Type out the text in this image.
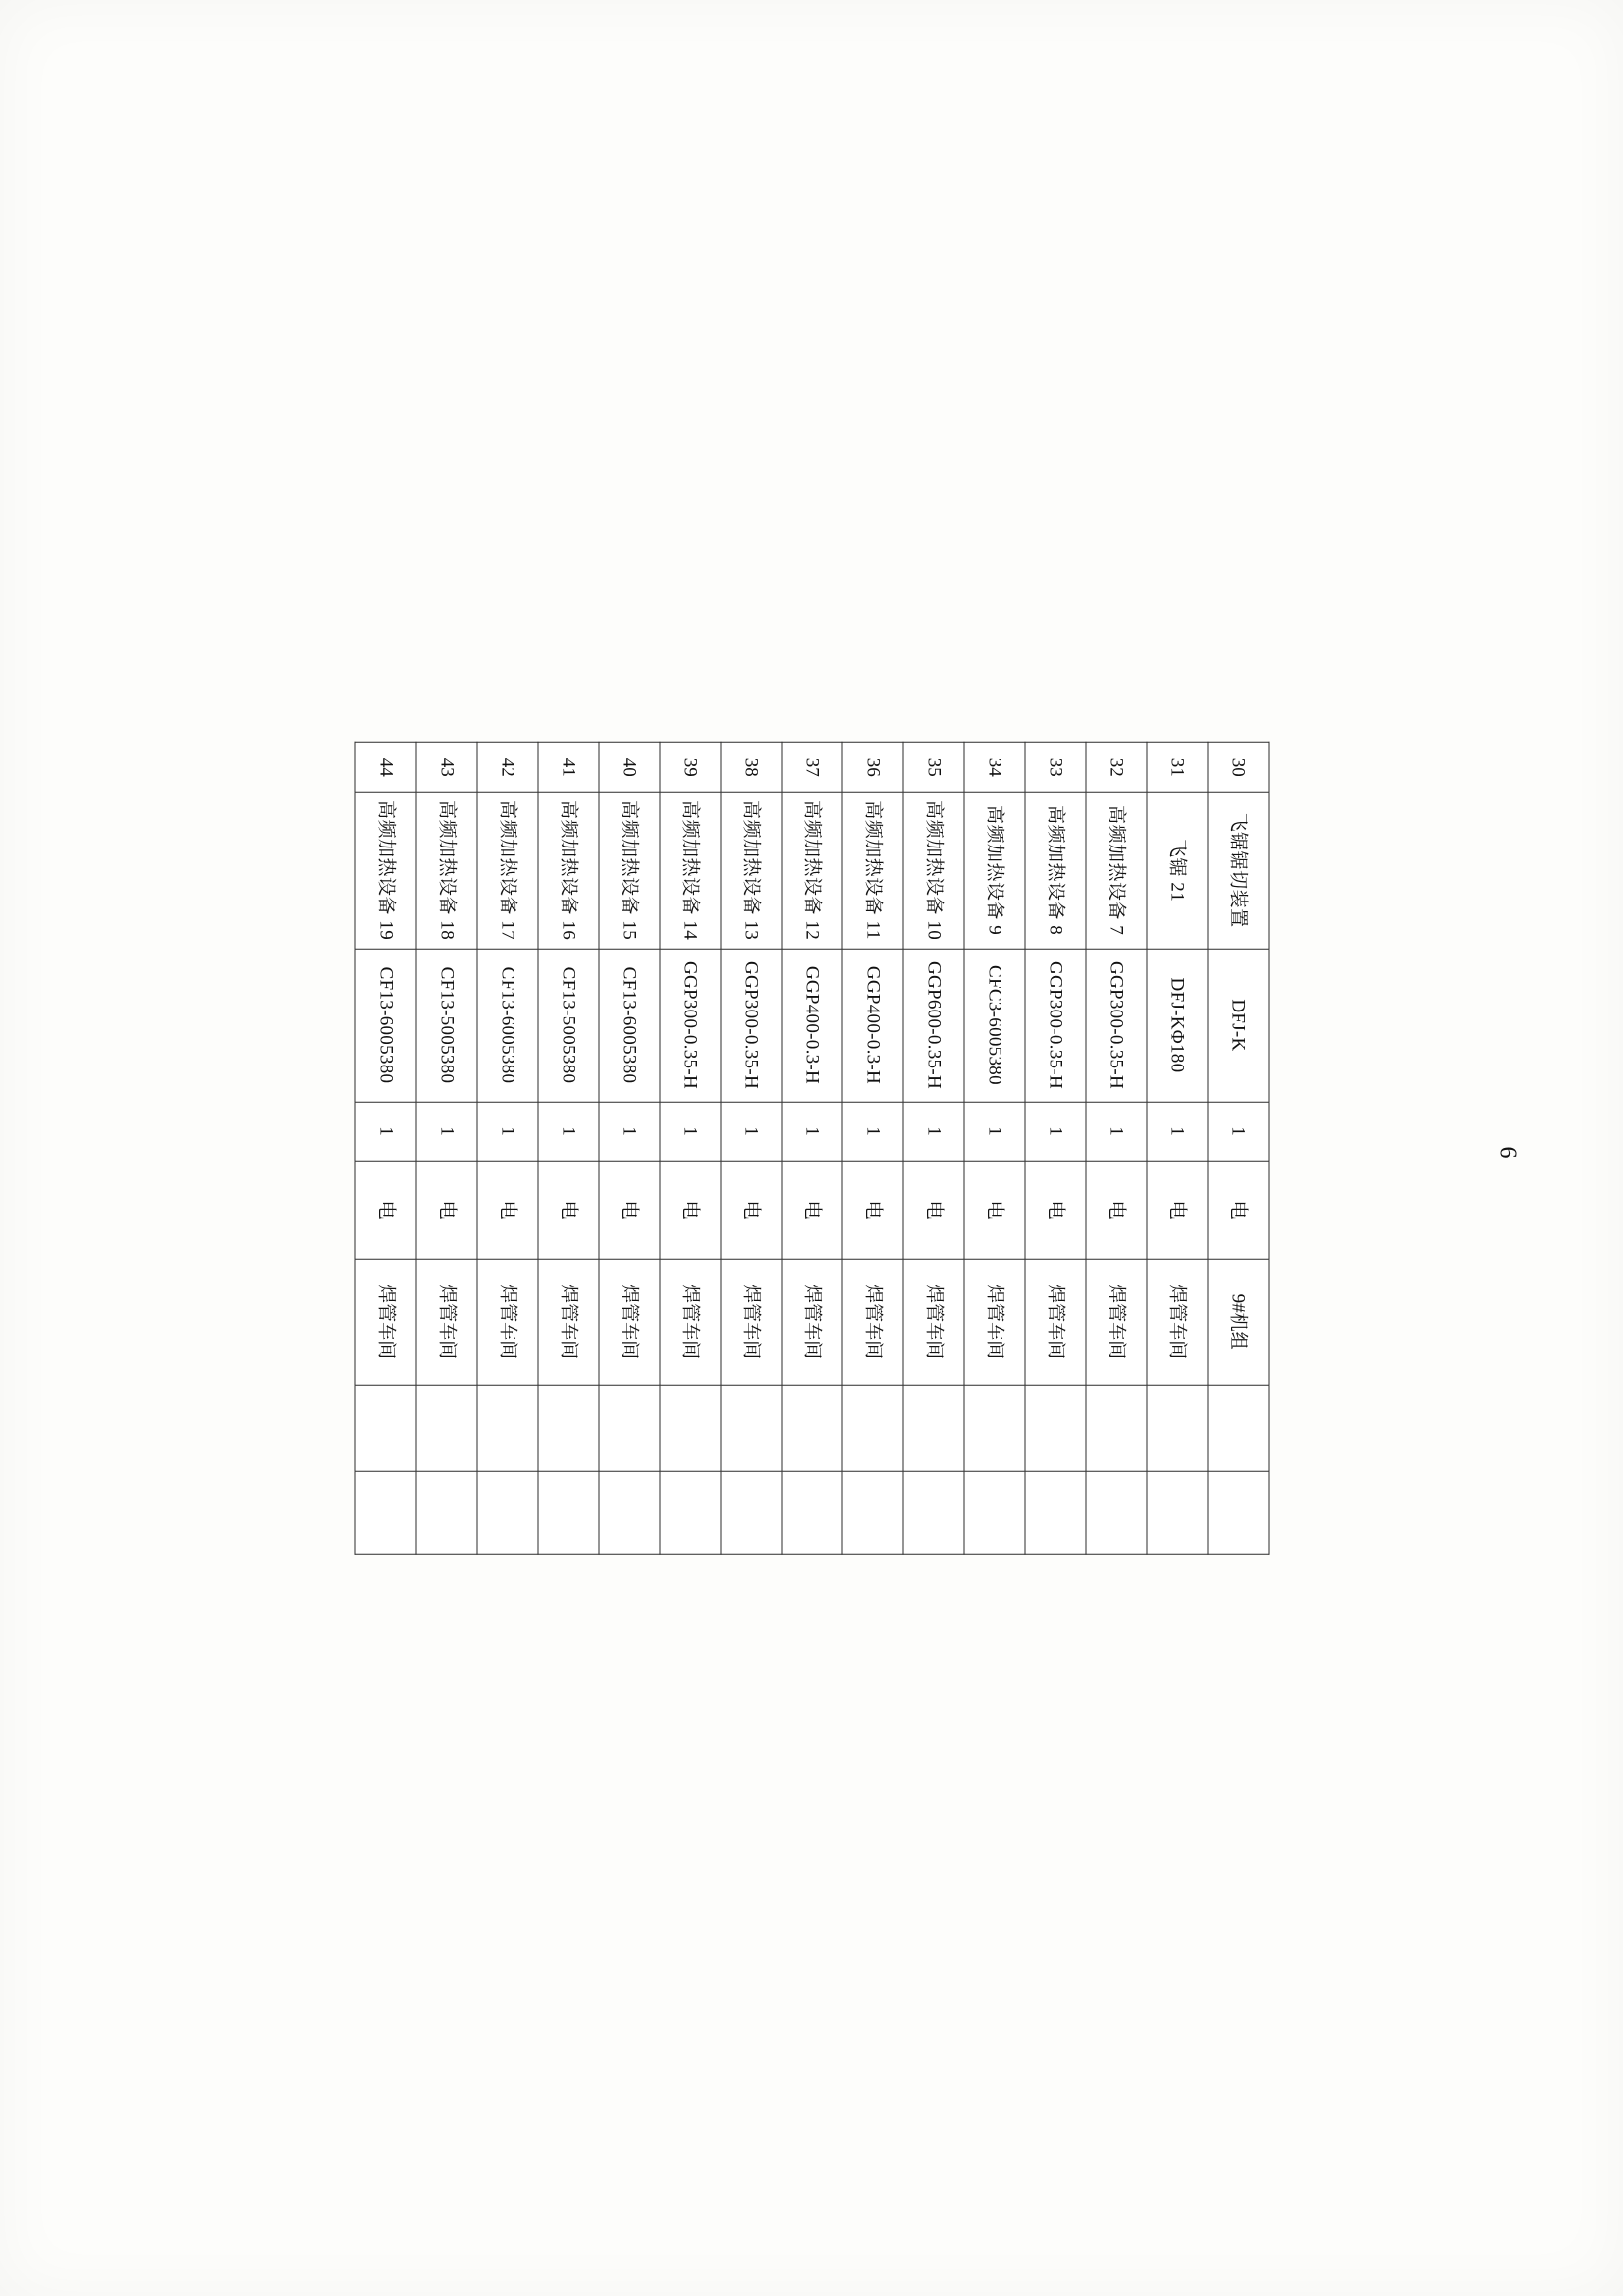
30	飞锯锯切装置	DFJ-K	1	电	9#机组		
31	飞锯 21	DFJ-KΦ180	1	电	焊管车间		
32	高频加热设备 7	GGP300-0.35-H	1	电	焊管车间		
33	高频加热设备 8	GGP300-0.35-H	1	电	焊管车间		
34	高频加热设备 9	CFC3-6005380	1	电	焊管车间		
35	高频加热设备 10	GGP600-0.35-H	1	电	焊管车间		
36	高频加热设备 11	GGP400-0.3-H	1	电	焊管车间		
37	高频加热设备 12	GGP400-0.3-H	1	电	焊管车间		
38	高频加热设备 13	GGP300-0.35-H	1	电	焊管车间		
39	高频加热设备 14	GGP300-0.35-H	1	电	焊管车间		
40	高频加热设备 15	CF13-6005380	1	电	焊管车间		
41	高频加热设备 16	CF13-5005380	1	电	焊管车间		
42	高频加热设备 17	CF13-6005380	1	电	焊管车间		
43	高频加热设备 18	CF13-5005380	1	电	焊管车间		
44	高频加热设备 19	CF13-6005380	1	电	焊管车间		
6
